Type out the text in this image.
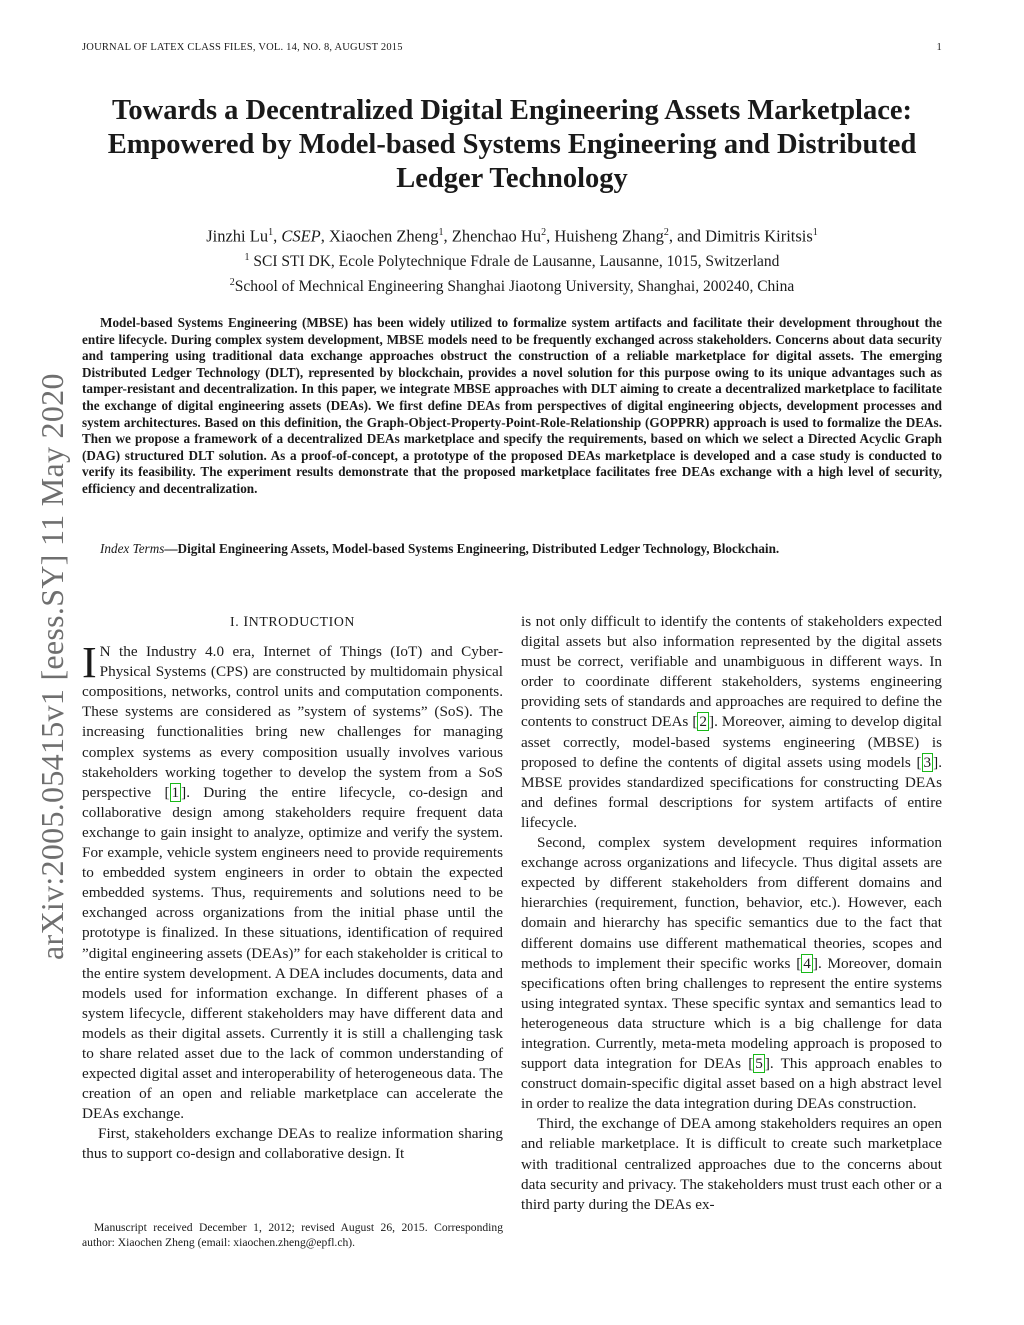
JOURNAL OF LATEX CLASS FILES, VOL. 14, NO. 8, AUGUST 2015	1
arXiv:2005.05415v1 [eess.SY] 11 May 2020
Towards a Decentralized Digital Engineering Assets Marketplace:
Empowered by Model-based Systems Engineering and Distributed
Ledger Technology
Jinzhi Lu$^1$, CSEP, Xiaochen Zheng$^1$, Zhenchao Hu$^2$, Huisheng Zhang$^2$, and Dimitris Kiritsis$^1$
$^1$ SCI STI DK, Ecole Polytechnique Fdrale de Lausanne, Lausanne, 1015, Switzerland
$^2$School of Mechnical Engineering Shanghai Jiaotong University, Shanghai, 200240, China
Model-based Systems Engineering (MBSE) has been widely utilized to formalize system artifacts and facilitate their development throughout the entire lifecycle. During complex system development, MBSE models need to be frequently exchanged across stakeholders. Concerns about data security and tampering using traditional data exchange approaches obstruct the construction of a reliable marketplace for digital assets. The emerging Distributed Ledger Technology (DLT), represented by blockchain, provides a novel solution for this purpose owing to its unique advantages such as tamper-resistant and decentralization. In this paper, we integrate MBSE approaches with DLT aiming to create a decentralized marketplace to facilitate the exchange of digital engineering assets (DEAs). We first define DEAs from perspectives of digital engineering objects, development processes and system architectures. Based on this definition, the Graph-Object-Property-Point-Role-Relationship (GOPPRR) approach is used to formalize the DEAs. Then we propose a framework of a decentralized DEAs marketplace and specify the requirements, based on which we select a Directed Acyclic Graph (DAG) structured DLT solution. As a proof-of-concept, a prototype of the proposed DEAs marketplace is developed and a case study is conducted to verify its feasibility. The experiment results demonstrate that the proposed marketplace facilitates free DEAs exchange with a high level of security, efficiency and decentralization.
Index Terms—Digital Engineering Assets, Model-based Systems Engineering, Distributed Ledger Technology, Blockchain.
I. INTRODUCTION

I N the Industry 4.0 era, Internet of Things (IoT) and Cyber-Physical Systems (CPS) are constructed by multidomain physical compositions, networks, control units and computation components. These systems are considered as ”system of systems” (SoS). The increasing functionalities bring new challenges for managing complex systems as every composition usually involves various stakeholders working together to develop the system from a SoS perspective [ 1 ]. During the entire lifecycle, co-design and collaborative design among stakeholders require frequent data exchange to gain insight to analyze, optimize and verify the system. For example, vehicle system engineers need to provide requirements to embedded system engineers in order to obtain the expected embedded systems. Thus, requirements and solutions need to be exchanged across organizations from the initial phase until the prototype is finalized. In these situations, identification of required ”digital engineering assets (DEAs)” for each stakeholder is critical to the entire system development. A DEA includes documents, data and models used for information exchange. In different phases of a system lifecycle, different stakeholders may have different data and models as their digital assets. Currently it is still a challenging task to share related asset due to the lack of common understanding of expected digital asset and interoperability of heterogeneous data. The creation of an open and reliable marketplace can accelerate the DEAs exchange.

First, stakeholders exchange DEAs to realize information sharing thus to support co-design and collaborative design. It

is not only difficult to identify the contents of stakeholders expected digital assets but also information represented by the digital assets must be correct, verifiable and unambiguous in different ways. In order to coordinate different stakeholders, systems engineering providing sets of standards and approaches are required to define the contents to construct DEAs [ 2 ]. Moreover, aiming to develop digital asset correctly, model-based systems engineering (MBSE) is proposed to define the contents of digital assets using models [ 3 ]. MBSE provides standardized specifications for constructing DEAs and defines formal descriptions for system artifacts of entire lifecycle.

Second, complex system development requires information exchange across organizations and lifecycle. Thus digital assets are expected by different stakeholders from different domains and hierarchies (requirement, function, behavior, etc.). However, each domain and hierarchy has specific semantics due to the fact that different domains use different mathematical theories, scopes and methods to implement their specific works [ 4 ]. Moreover, domain specifications often bring challenges to represent the entire systems using integrated syntax. These specific syntax and semantics lead to heterogeneous data structure which is a big challenge for data integration. Currently, meta-meta modeling approach is proposed to support data integration for DEAs [ 5 ]. This approach enables to construct domain-specific digital asset based on a high abstract level in order to realize the data integration during DEAs construction.

Third, the exchange of DEA among stakeholders requires an open and reliable marketplace. It is difficult to create such marketplace with traditional centralized approaches due to the concerns about data security and privacy. The stakeholders must trust each other or a third party during the DEAs ex-

Manuscript received December 1, 2012; revised August 26, 2015. Corresponding author: Xiaochen Zheng (email: xiaochen.zheng@epfl.ch).
